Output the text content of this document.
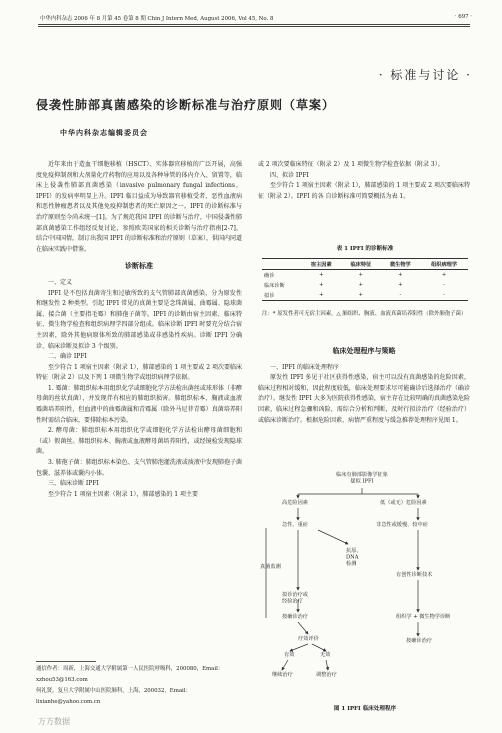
中华内科杂志 2006 年 8 月第 45 卷第 8 期 Chin J Intern Med, August 2006, Vol 45, No. 8	· 697 ·
· 标准与讨论 ·
侵袭性肺部真菌感染的诊断标准与治疗原则（草案）
中华内科杂志编辑委员会

近年来由于造血干细胞移植（HSCT）、实体器官移植的广泛开展，高强度免疫抑制剂和大剂量化疗药物的应用以及各种导管的体内介入、留置等，临床上侵袭性肺部真菌感染（invasive pulmonary fungal infections，IPFI）的发病率明显上升。IPFI 临目益成为导致器官移植受者、恶性血液病和恶性肿瘤患者以及其他免疫抑制患者的死亡原因之一。IPFI 的诊断标准与治疗原则至今尚未统一[1]。为了规范我国 IPFI 的诊断与治疗，中国侵袭性肺部真菌感染工作组经反复讨论，参照欧美国家的相关诊断与治疗指南[2-7]，结合中国国情，制订出我国 IPFI 的诊断标准和治疗原则（草案），供国内同道在临床实践中借鉴。

诊断标准

一、定义

IPFI 是不包括真菌寄生和过敏所致的支气管肺部真菌感染，分为原发性和继发性 2 种类型。引起 IPFI 常见的真菌主要是念珠菌属、曲霉属、隐球菌属、接合菌（主要指毛霉）和肺孢子菌等。IPFI 的诊断由宿主因素、临床特征、微生物学检查和组织病理学四部分组成。临床诊断 IPFI 时要充分结合宿主因素，除外其他病原体所致的肺部感染或非感染性疾病。诊断 IPFI 分确诊、临床诊断及拟诊 3 个级别。

二、确诊 IPFI

至少符合 1 项宿主因素（附录 1），肺部感染的 1 项主要或 2 项次要临床特征（附录 2）以及下列 1 项微生物学或组织病理学依据。

1. 霉菌：肺组织标本用组织化学或细胞化学方法检出菌丝或球形体（非酵母菌的丝状真菌），并发现伴有相应的肺组织损害。肺组织标本、胸液或血液霉菌培养阳性，但血液中的曲霉菌属和青霉属（除外马尼菲青霉）真菌培养阳性时需结合临床，要排除标本污染。

2. 酵母菌：肺组织标本用组织化学或细胞化学方法检出酵母菌细胞和（或）假菌丝。肺组织标本、胸液或血液酵母菌培养阳性，或经镜检发现隐球菌。

3. 肺孢子菌：肺组织标本染色、支气管肺泡灌洗液或痰液中发现肺孢子菌包囊、滋养体或囊内小体。

三、临床诊断 IPFI

至少符合 1 项宿主因素（附录 1），肺部感染的 1 项主要

通信作者：周新，上海交通大学附属第一人民医院呼吸科，200080，Email：xzhou53@163.com
何礼贤，复旦大学附属中山医院肺科，上海，200032，Email：lixianhe@yahoo.com.cn
万方数据

或 2 项次要临床特征（附录 2）及 1 项微生物学检查依据（附录 3）。

四、拟诊 IPFI

至少符合 1 项宿主因素（附录 1），肺部感染的 1 项主要或 2 项次要临床特征（附录 2）。IPFI 的各 自诊断标准可简要概括为表 1。

表 1 IPFI 的诊断标准
	宿主因素	临床特征	微生物学	组织病理学
确诊	+	+	+	+
临床诊断	+	+	+	-
拟诊	+	+	-	-
注：* 原发性者可无宿主因素，△ 肺组织、胸液、血液真菌培养阳性（除外肺孢子菌）
临床处理程序与策略

一、IPFI 的临床处理程序

原发性 IPFI 多见于社区获得性感染，宿主可以没有真菌感染的危险因素，临床过程相对缓和，因此程度较低，临床处理要求尽可能确诊后选择治疗（确诊治疗）。继发性 IPFI 大多为医院获得性感染，宿主存在比较明确的真菌感染危险因素，临床过程急骤和凶险，需综合分析和判断，及时行拟诊治疗（经验治疗）或临床诊断治疗。根据危险因素、病情严重程度与缓急推荐处理程序见图 1。

临床有肺部影像学征象疑似 IPFI
高危险因素	低（或无）危险因素
急性、重症	非急性或缓慢、较中症
抗原、 DNA 检测
真菌监测
有创性诊断技术
拟诊治疗或经验治疗
组织学 + 微生物学诊断
按确诊治疗
疗效评价
有效	无效
按确诊治疗
继续治疗	调整治疗
图 1 IPFI 临床处理程序
